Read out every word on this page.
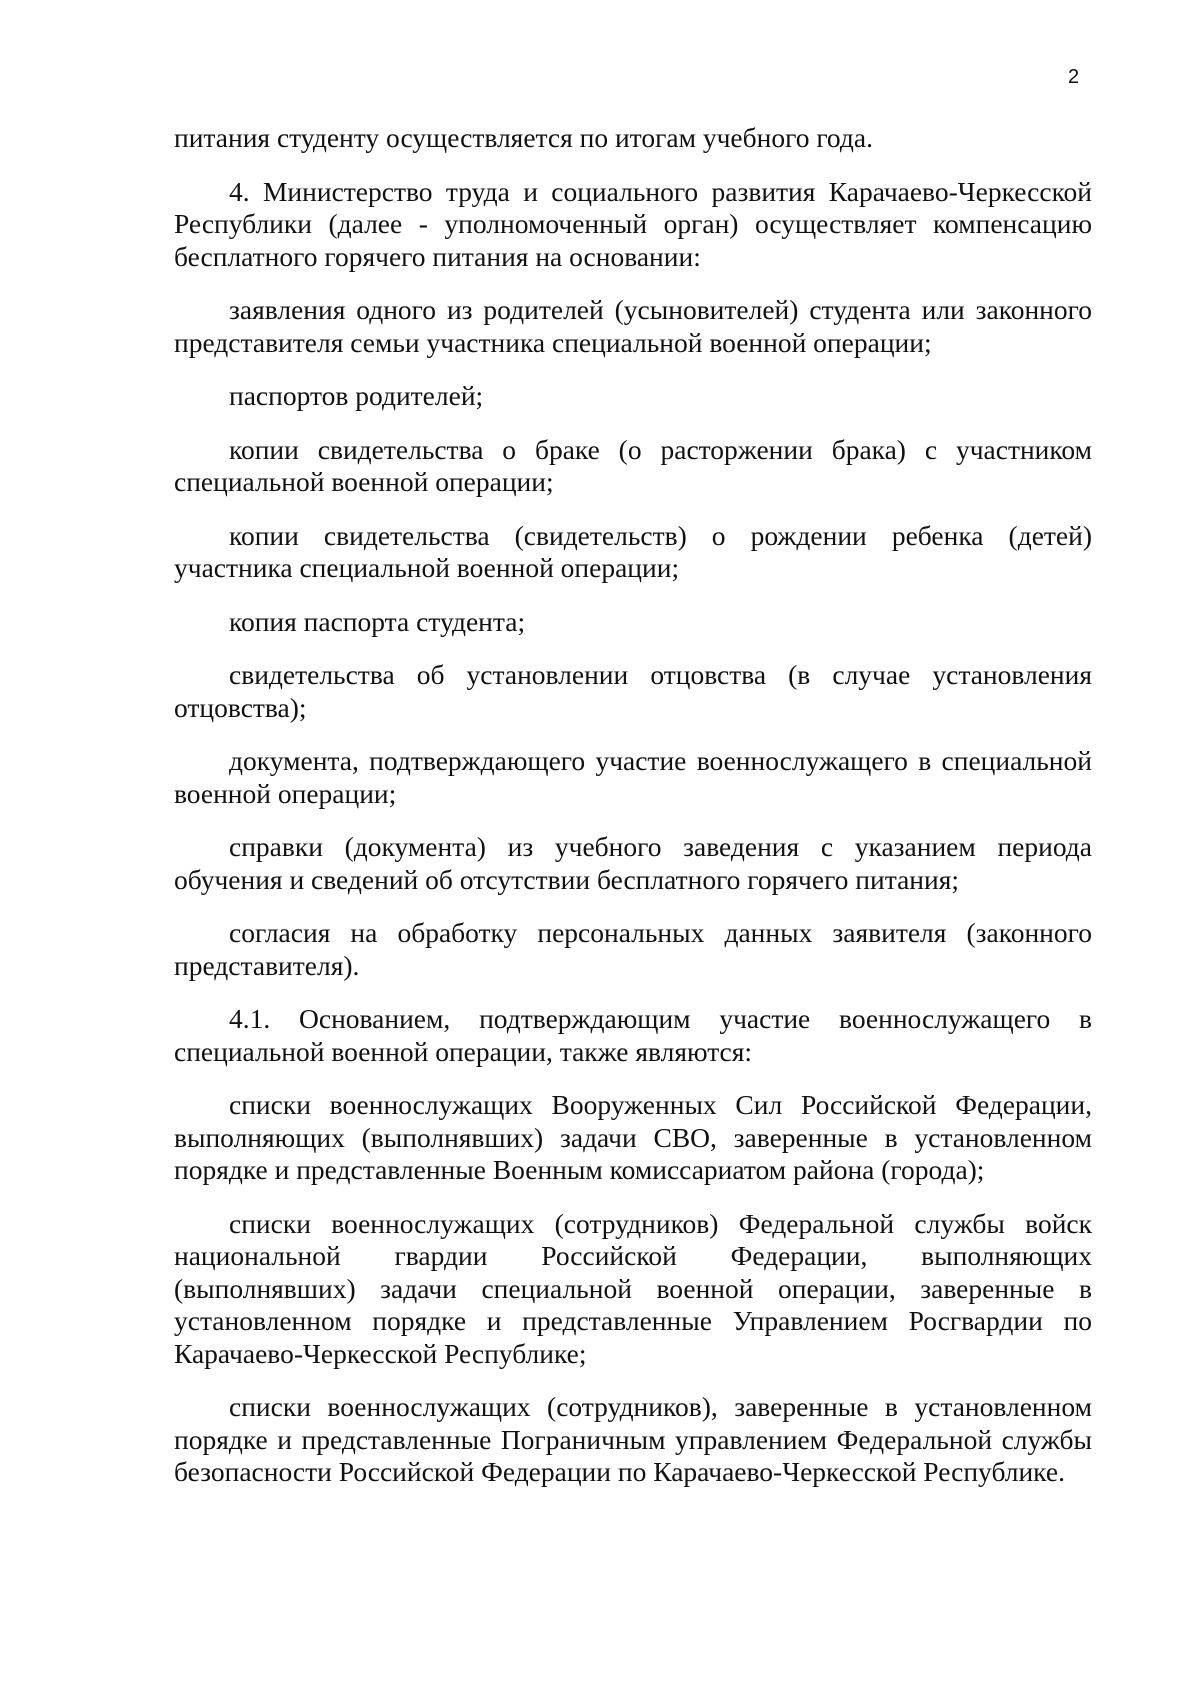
2

питания студенту осуществляется по итогам учебного года.

4. Министерство труда и социального развития Карачаево-Черкесской Республики (далее - уполномоченный орган) осуществляет компенсацию бесплатного горячего питания на основании:

заявления одного из родителей (усыновителей) студента или законного представителя семьи участника специальной военной операции;

паспортов родителей;

копии свидетельства о браке (о расторжении брака) с участником специальной военной операции;

копии свидетельства (свидетельств) о рождении ребенка (детей) участника специальной военной операции;

копия паспорта студента;

свидетельства об установлении отцовства (в случае установления отцовства);

документа, подтверждающего участие военнослужащего в специальной военной операции;

справки (документа) из учебного заведения с указанием периода обучения и сведений об отсутствии бесплатного горячего питания;

согласия на обработку персональных данных заявителя (законного представителя).

4.1. Основанием, подтверждающим участие военнослужащего в специальной военной операции, также являются:

списки военнослужащих Вооруженных Сил Российской Федерации, выполняющих (выполнявших) задачи СВО, заверенные в установленном порядке и представленные Военным комиссариатом района (города);

списки военнослужащих (сотрудников) Федеральной службы войск национальной гвардии Российской Федерации, выполняющих (выполнявших) задачи специальной военной операции, заверенные в установленном порядке и представленные Управлением Росгвардии по Карачаево-Черкесской Республике;

списки военнослужащих (сотрудников), заверенные в установленном порядке и представленные Пограничным управлением Федеральной службы безопасности Российской Федерации по Карачаево-Черкесской Республике.
